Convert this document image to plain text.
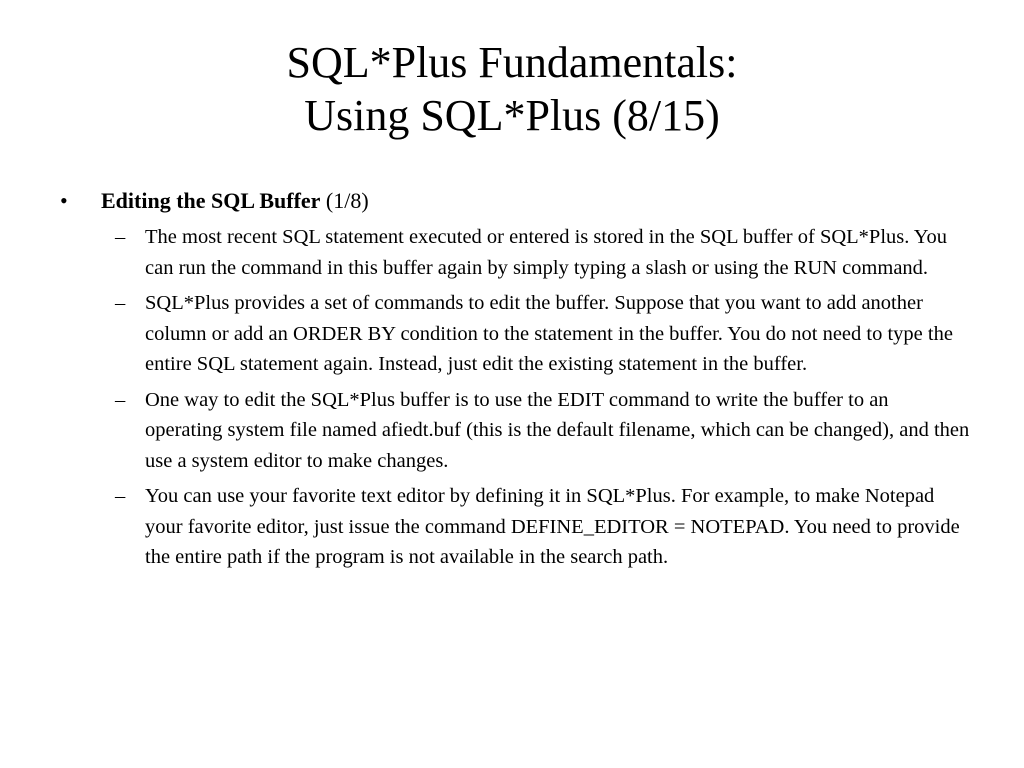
SQL*Plus Fundamentals:
Using SQL*Plus (8/15)
•	Editing the SQL Buffer (1/8)
– The most recent SQL statement executed or entered is stored in the SQL buffer of SQL*Plus. You can run the command in this buffer again by simply typing a slash or using the RUN command.
– SQL*Plus provides a set of commands to edit the buffer. Suppose that you want to add another column or add an ORDER BY condition to the statement in the buffer. You do not need to type the entire SQL statement again. Instead, just edit the existing statement in the buffer.
– One way to edit the SQL*Plus buffer is to use the EDIT command to write the buffer to an operating system file named afiedt.buf (this is the default filename, which can be changed), and then use a system editor to make changes.
– You can use your favorite text editor by defining it in SQL*Plus. For example, to make Notepad your favorite editor, just issue the command DEFINE_EDITOR = NOTEPAD. You need to provide the entire path if the program is not available in the search path.
